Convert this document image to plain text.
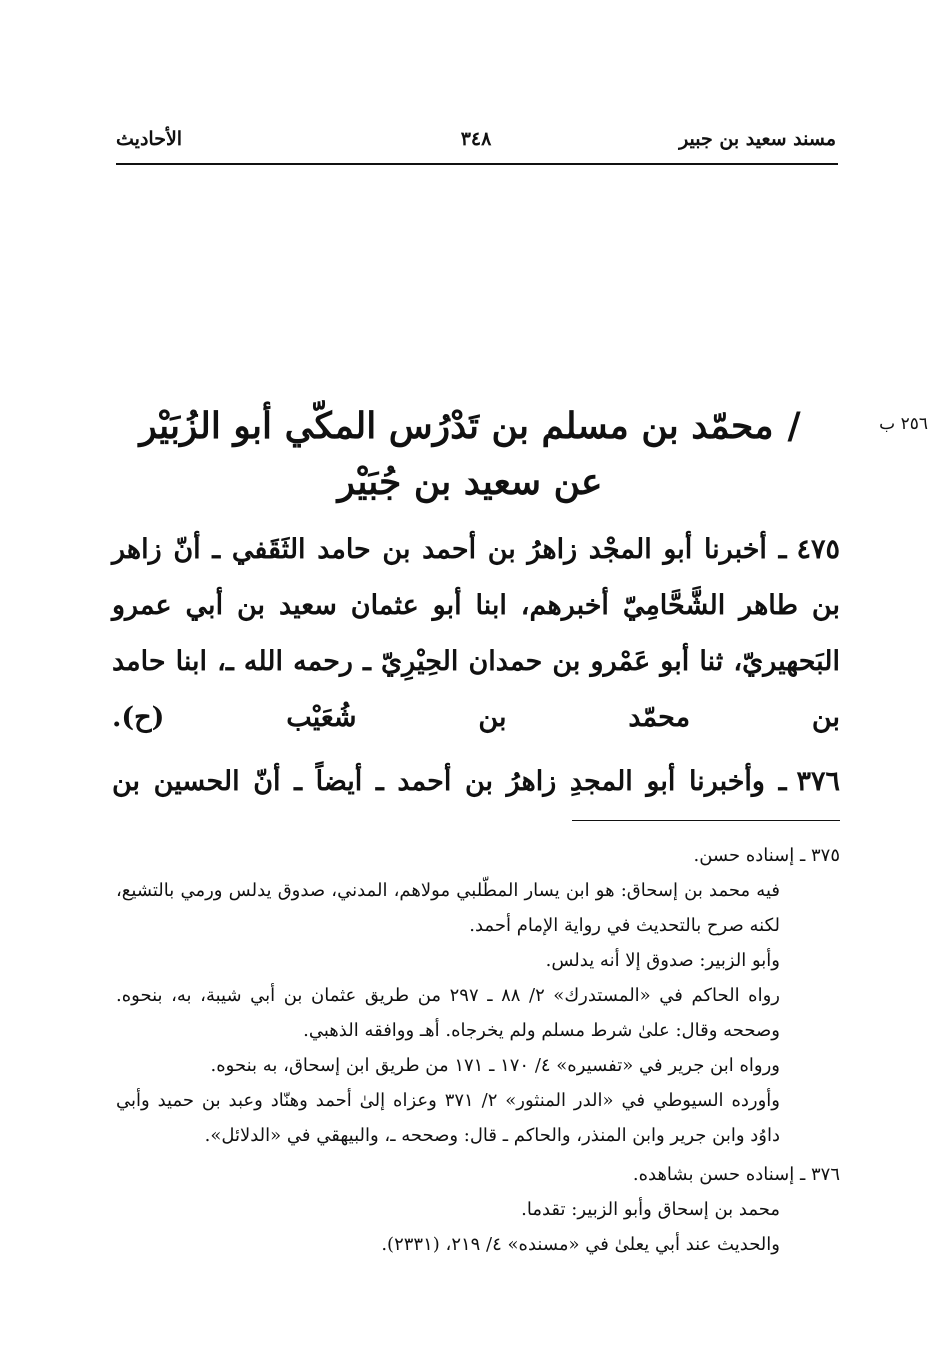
مسند سعيد بن جبير
٣٤٨
الأحاديث
٢٥٦ ب
/محمّد بن مسلم بن تَدْرُس المكّي أبو الزُبَيْر
عن سعيد بن جُبَيْر

٤٧٥ـ أخبرنا أبو المجْد زاهرُ بن أحمد بن حامد الثَقَفي ـ أنّ زاهر بن طاهر الشَّحَّامِيّ أخبرهم، ابنا أبو عثمان سعيد بن أبي عمرو البَحهيريّ، ثنا أبو عَمْرو بن حمدان الحِيْرِيّ ـ رحمه الله ـ، ابنا حامد بن محمّد بن شُعَيْب (ح).

٣٧٦ـ وأخبرنا أبو المجدِ زاهرُ بن أحمد ـ أيضاً ـ أنّ الحسين بن

٣٧٥ ـ إسناده حسن.

فيه محمد بن إسحاق: هو ابن يسار المطّلبي مولاهم، المدني، صدوق يدلس ورمي بالتشيع، لكنه صرح بالتحديث في رواية الإمام أحمد.

وأبو الزبير: صدوق إلا أنه يدلس.

رواه الحاكم في «المستدرك» ٢/ ٨٨ ـ ٢٩٧ من طريق عثمان بن أبي شيبة، به، بنحوه. وصححه وقال: علىٰ شرط مسلم ولم يخرجاه. أهـ ووافقه الذهبي.

ورواه ابن جرير في «تفسيره» ٤/ ١٧٠ ـ ١٧١ من طريق ابن إسحاق، به بنحوه.

وأورده السيوطي في «الدر المنثور» ٢/ ٣٧١ وعزاه إلىٰ أحمد وهنّاد وعبد بن حميد وأبي داوُد وابن جرير وابن المنذر، والحاكم ـ قال: وصححه ـ، والبيهقي في «الدلائل».

٣٧٦ ـ إسناده حسن بشاهده.

محمد بن إسحاق وأبو الزبير: تقدما.

والحديث عند أبي يعلىٰ في «مسنده» ٤/ ٢١٩، (٢٣٣١).
